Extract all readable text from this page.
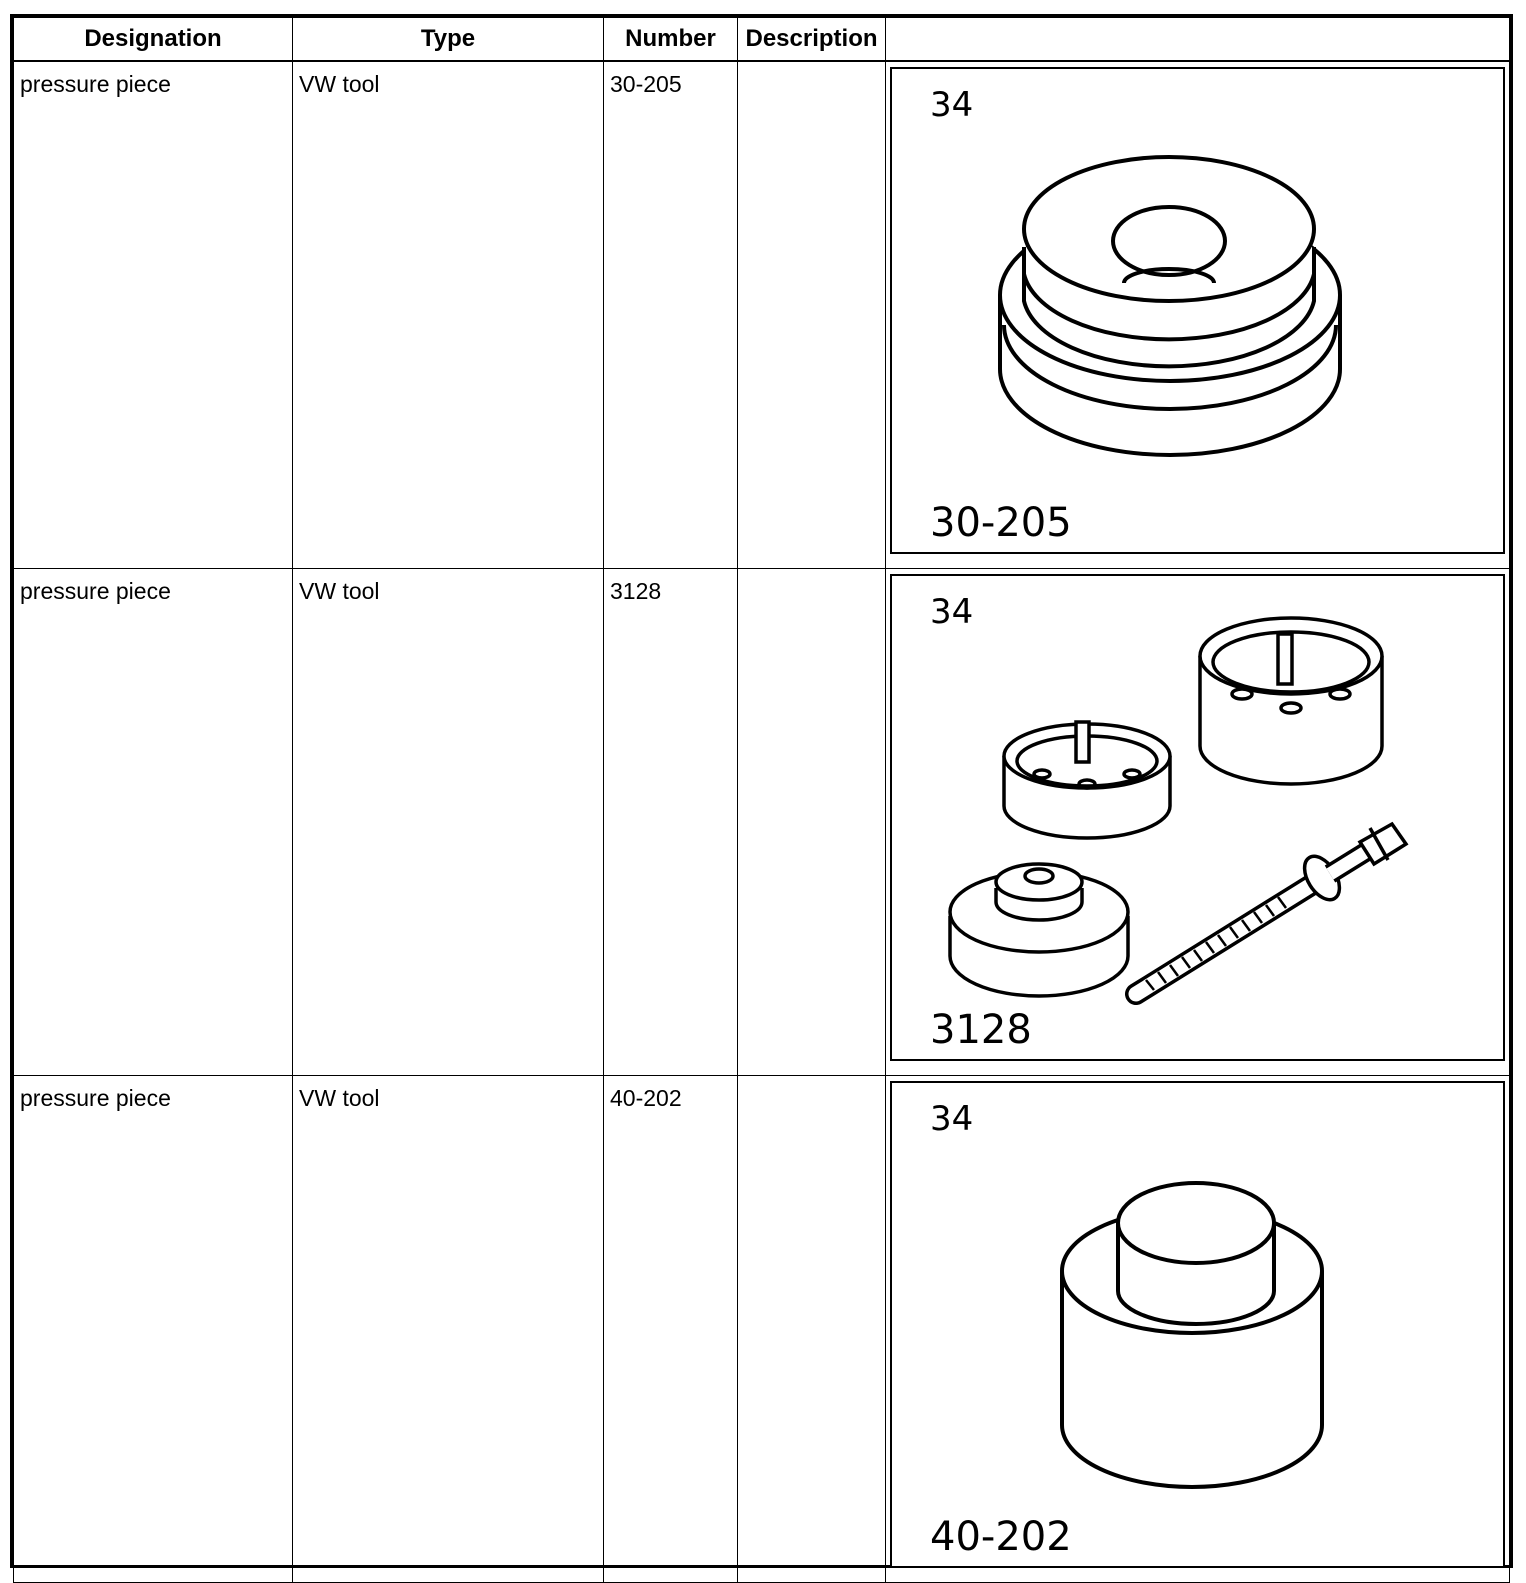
Designation	Type	Number	Description	
pressure piece	VW tool	30-205		34
30-205

pressure piece	VW tool	3128		34
3128

pressure piece	VW tool	40-202		34
40-202
